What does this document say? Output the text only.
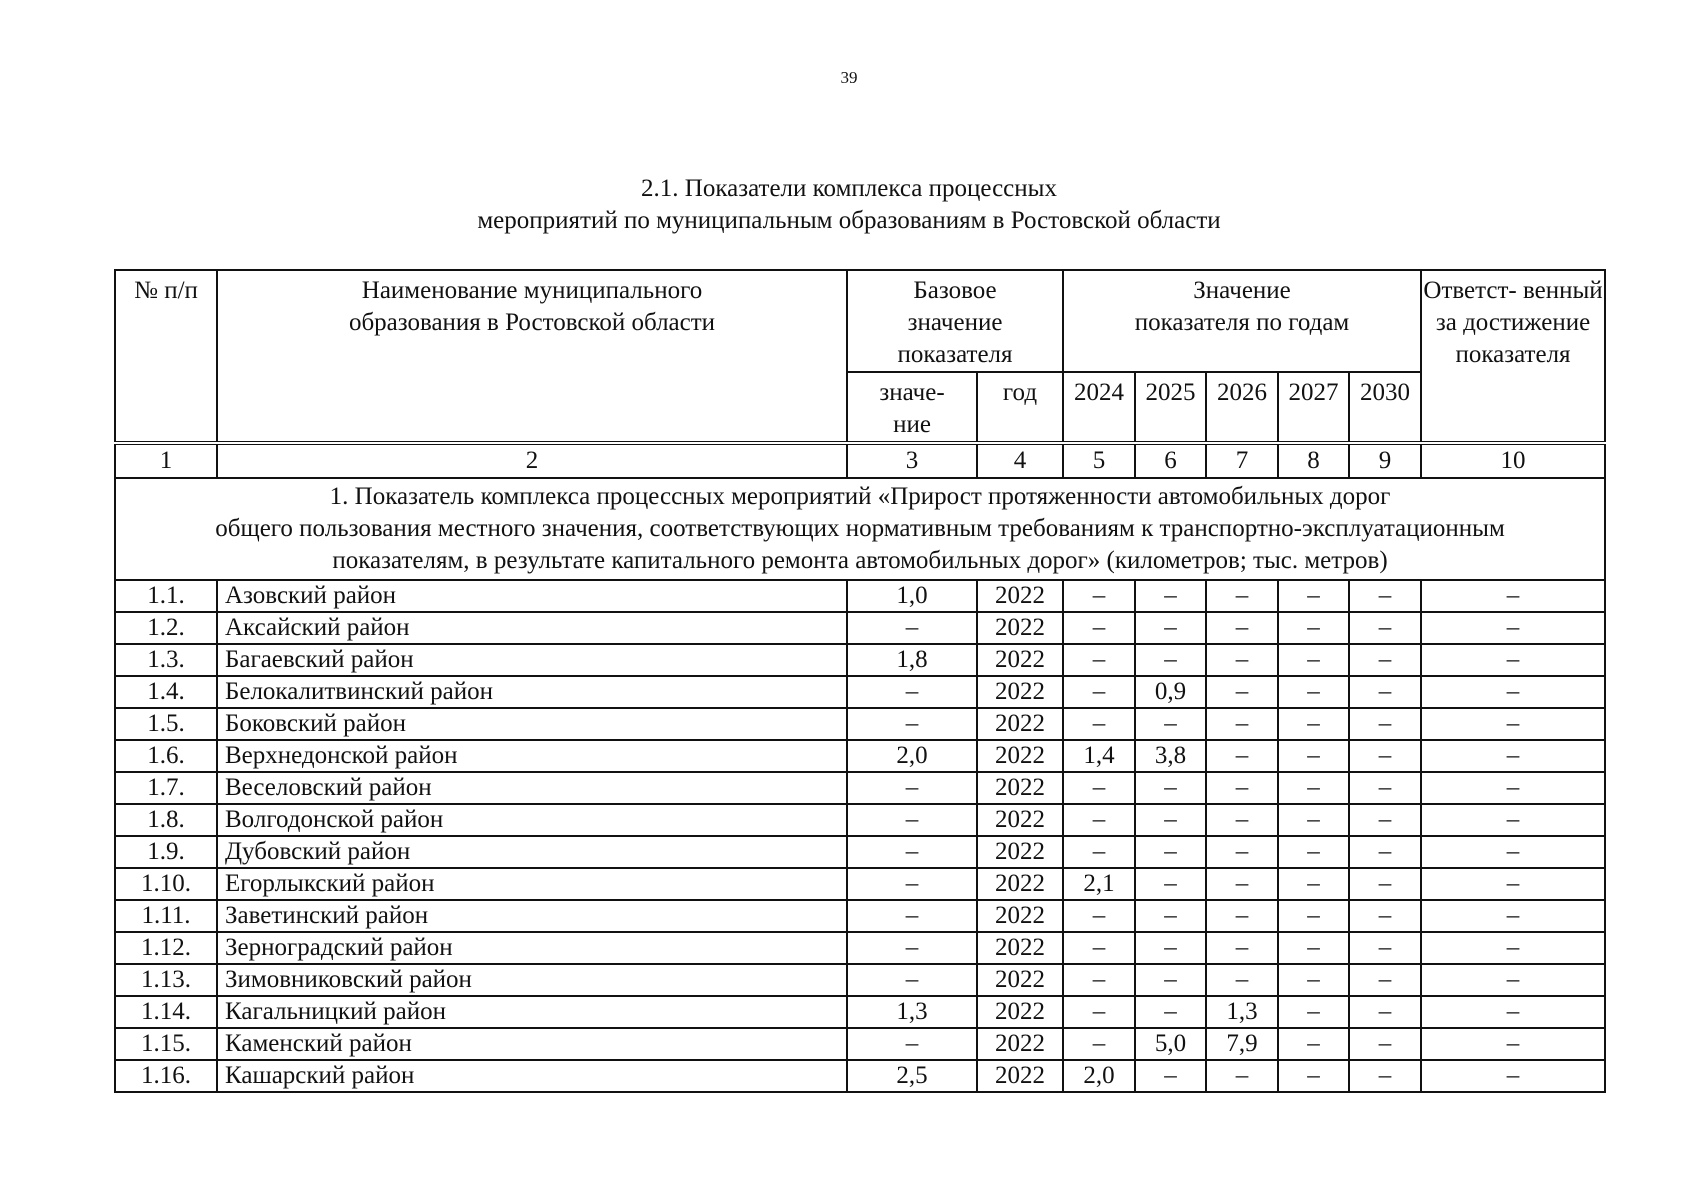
39
2.1. Показатели комплекса процессных
мероприятий по муниципальным образованиям в Ростовской области
№ п/п	Наименование муниципального образования в Ростовской области	Базовое значение показателя		Значение показателя по годам					Ответст- венный за достижение показателя
		значе- ние	год	2024	2025	2026	2027	2030	
1	2	3	4	5	6	7	8	9	10

1. Показатель комплекса процессных мероприятий «Прирост протяженности автомобильных дорог
общего пользования местного значения, соответствующих нормативным требованиям к транспортно-эксплуатационным
показателям, в результате капитального ремонта автомобильных дорог» (километров; тыс. метров)									

1.1.	Азовский район	1,0	2022	–	–	–	–	–	–
1.2.	Аксайский район	–	2022	–	–	–	–	–	–
1.3.	Багаевский район	1,8	2022	–	–	–	–	–	–
1.4.	Белокалитвинский район	–	2022	–	0,9	–	–	–	–
1.5.	Боковский район	–	2022	–	–	–	–	–	–
1.6.	Верхнедонской район	2,0	2022	1,4	3,8	–	–	–	–
1.7.	Веселовский район	–	2022	–	–	–	–	–	–
1.8.	Волгодонской район	–	2022	–	–	–	–	–	–
1.9.	Дубовский район	–	2022	–	–	–	–	–	–
1.10.	Егорлыкский район	–	2022	2,1	–	–	–	–	–
1.11.	Заветинский район	–	2022	–	–	–	–	–	–
1.12.	Зерноградский район	–	2022	–	–	–	–	–	–
1.13.	Зимовниковский район	–	2022	–	–	–	–	–	–
1.14.	Кагальницкий район	1,3	2022	–	–	1,3	–	–	–
1.15.	Каменский район	–	2022	–	5,0	7,9	–	–	–
1.16.	Кашарский район	2,5	2022	2,0	–	–	–	–	–
